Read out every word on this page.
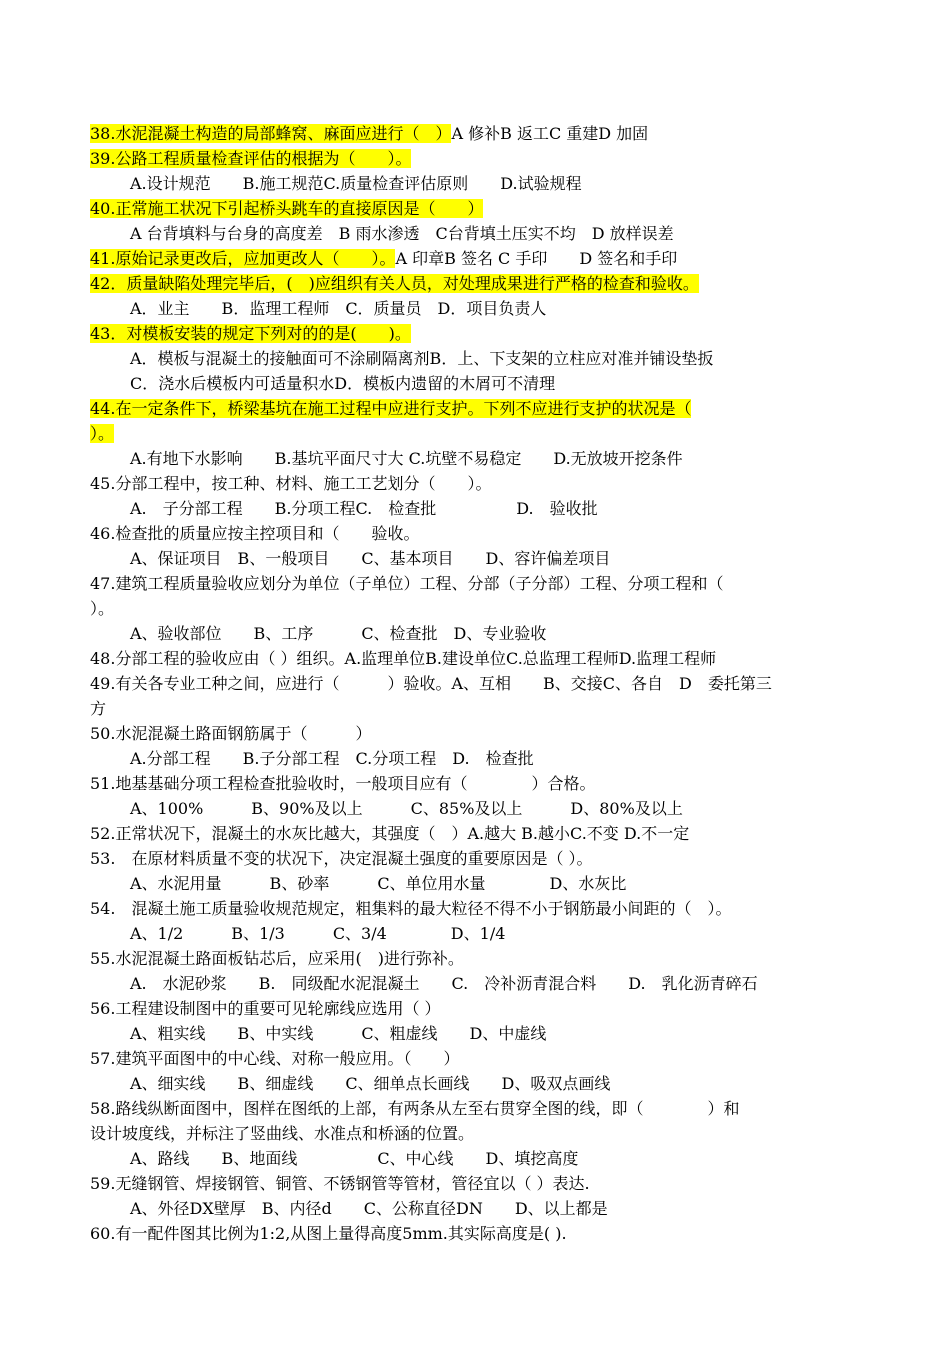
38.水泥混凝土构造的局部蜂窝、麻面应进行（　）A 修补B 返工C 重建D 加固
39.公路工程质量检查评估的根据为（　　）。
A.设计规范　　B.施工规范C.质量检查评估原则　　D.试验规程
40.正常施工状况下引起桥头跳车的直接原因是（　　）
A 台背填料与台身的高度差　B 雨水渗透　C台背填土压实不均　D 放样误差
41.原始记录更改后，应加更改人（　　）。A 印章B 签名 C 手印　　D 签名和手印
42．质量缺陷处理完毕后，(　)应组织有关人员，对处理成果进行严格的检查和验收。
A．业主　　B．监理工程师　C．质量员　D．项目负责人
43．对模板安装的规定下列对的的是(　　)。
A．模板与混凝土的接触面可不涂刷隔离剂B．上、下支架的立柱应对准并铺设垫扳
C．浇水后模板内可适量积水D．模板内遗留的木屑可不清理
44.在一定条件下，桥梁基坑在施工过程中应进行支护。下列不应进行支护的状况是（
）。
A.有地下水影响　　B.基坑平面尺寸大 C.坑壁不易稳定　　D.无放坡开挖条件
45.分部工程中，按工种、材料、施工工艺划分（　　）。
A.　子分部工程　　B.分项工程C.　检查批　　　　　D.　验收批
46.检查批的质量应按主控项目和（　　验收。
A、保证项目　B、一般项目　　C、基本项目　　D、容许偏差项目
47.建筑工程质量验收应划分为单位（子单位）工程、分部（子分部）工程、分项工程和（
）。
A、验收部位　　B、工序　　　C、检查批　D、专业验收
48.分部工程的验收应由（ ）组织。A.监理单位B.建设单位C.总监理工程师D.监理工程师
49.有关各专业工种之间，应进行（　　　）验收。A、互相　　B、交接C、各自　D　委托第三
方
50.水泥混凝土路面钢筋属于（　　　）
A.分部工程　　B.子分部工程　C.分项工程　D.　检查批
51.地基基础分项工程检查批验收时，一般项目应有（　　　　）合格。
A、100%　　　B、90%及以上　　　C、85%及以上　　　D、80%及以上
52.正常状况下，混凝土的水灰比越大，其强度（　）A.越大 B.越小C.不变 D.不一定
53.　在原材料质量不变的状况下，决定混凝土强度的重要原因是（ ）。
A、水泥用量　　　B、砂率　　　C、单位用水量　　　　D、水灰比
54.　混凝土施工质量验收规范规定，粗集料的最大粒径不得不小于钢筋最小间距的（　）。
A、1/2　　　B、1/3　　　C、3/4　　　　D、1/4
55.水泥混凝土路面板钻芯后，应采用(　)进行弥补。
A.　水泥砂浆　　B.　同级配水泥混凝土　　C.　冷补沥青混合料　　D.　乳化沥青碎石
56.工程建设制图中的重要可见轮廓线应选用（ ）
A、粗实线　　B、中实线　　　C、粗虚线　　D、中虚线
57.建筑平面图中的中心线、对称一般应用。（　　）
A、细实线　　B、细虚线　　C、细单点长画线　　D、吸双点画线
58.路线纵断面图中，图样在图纸的上部，有两条从左至右贯穿全图的线，即（　　　　）和
设计坡度线，并标注了竖曲线、水准点和桥涵的位置。
A、路线　　B、地面线　　　　　C、中心线　　D、填挖高度
59.无缝钢管、焊接钢管、铜管、不锈钢管等管材，管径宜以（ ）表达.
A、外径DX壁厚　B、内径d　　C、公称直径DN　　D、以上都是
60.有一配件图其比例为1:2,从图上量得高度5mm.其实际高度是( ).
